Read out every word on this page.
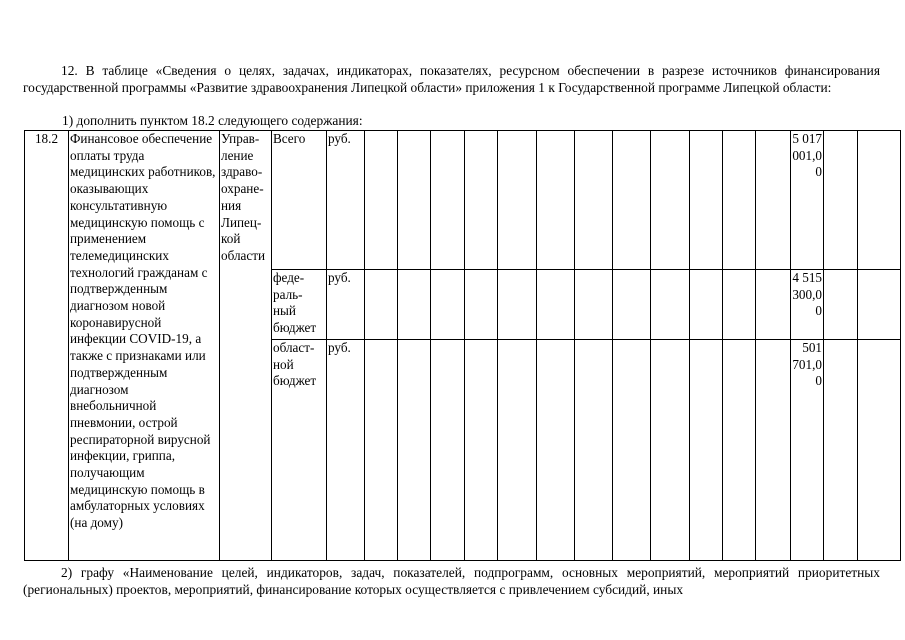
12. В таблице «Сведения о целях, задачах, индикаторах, показателях, ресурсном обеспечении в разрезе источников финансирования государственной программы «Развитие здравоохранения Липецкой области» приложения 1 к Государственной программе Липецкой области:
1) дополнить пунктом 18.2 следующего содержания:
18.2	Финансовое обеспечение оплаты труда медицинских работников, оказывающих консультативную медицинскую помощь с применением телемедицинских технологий гражданам с подтвержденным диагнозом новой коронавирусной инфекции COVID-19, а также с признаками или подтвержденным диагнозом внебольничной пневмонии, острой респираторной вирусной инфекции, гриппа, получающим медицинскую помощь в амбулаторных условиях (на дому)	Управ-ление здраво-охране-ния Липец-кой области	Всего	руб.													5 017 001,00		
			феде-раль-ный бюджет	руб.													4 515 300,00		
			област-ной бюджет	руб.													501 701,00		
2) графу «Наименование целей, индикаторов, задач, показателей, подпрограмм, основных мероприятий, мероприятий приоритетных (региональных) проектов, мероприятий, финансирование которых осуществляется с привлечением субсидий, иных
